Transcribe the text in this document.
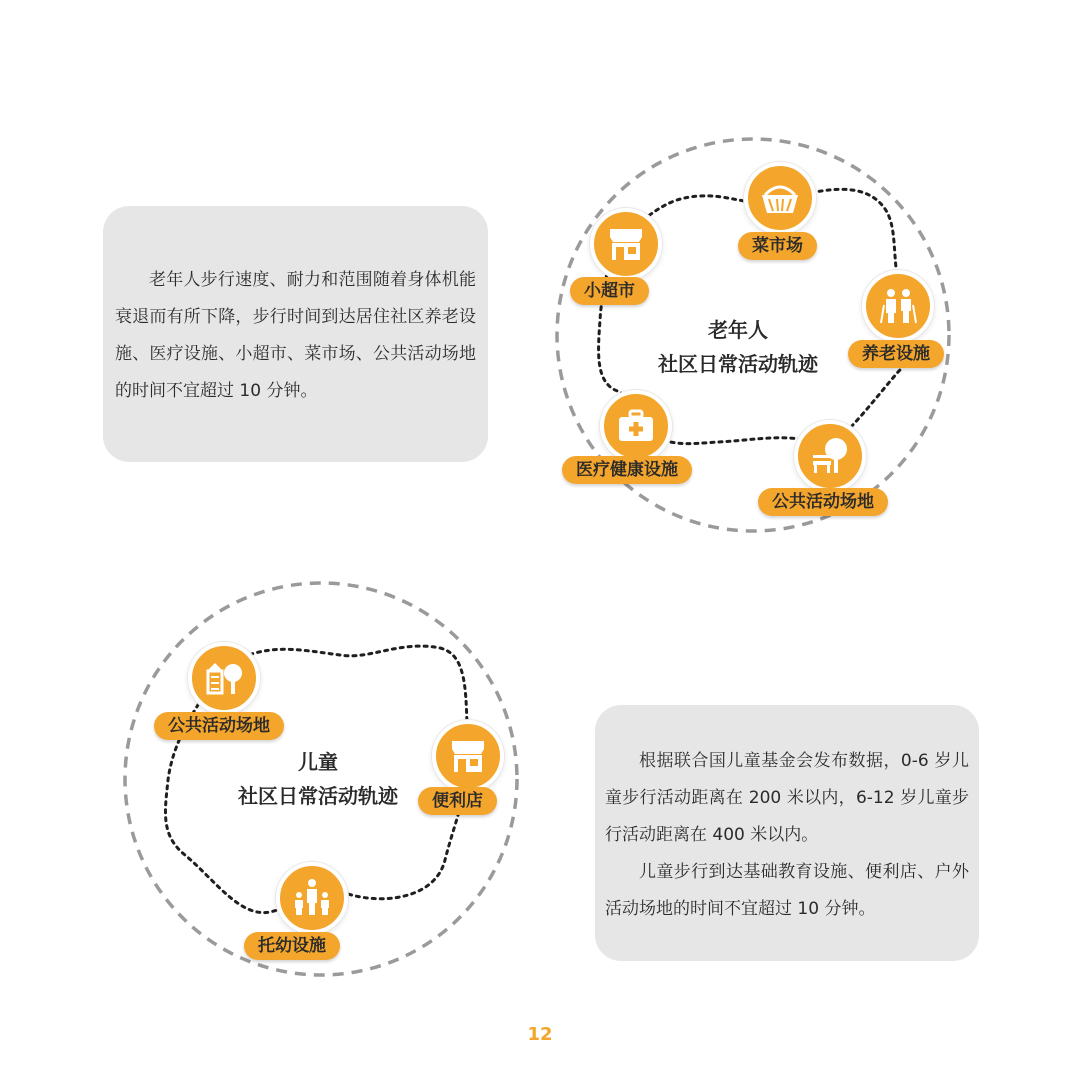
老年人步行速度、耐力和范围随着身体机能衰退而有所下降，步行时间到达居住社区养老设施、医疗设施、小超市、菜市场、公共活动场地的时间不宜超过 10 分钟。

根据联合国儿童基金会发布数据，0-6 岁儿童步行活动距离在 200 米以内，6-12 岁儿童步行活动距离在 400 米以内。

儿童步行到达基础教育设施、便利店、户外活动场地的时间不宜超过 10 分钟。

老年人
社区日常活动轨迹
儿童
社区日常活动轨迹
菜市场
小超市
养老设施
医疗健康设施
公共活动场地
公共活动场地
便利店
托幼设施
12
